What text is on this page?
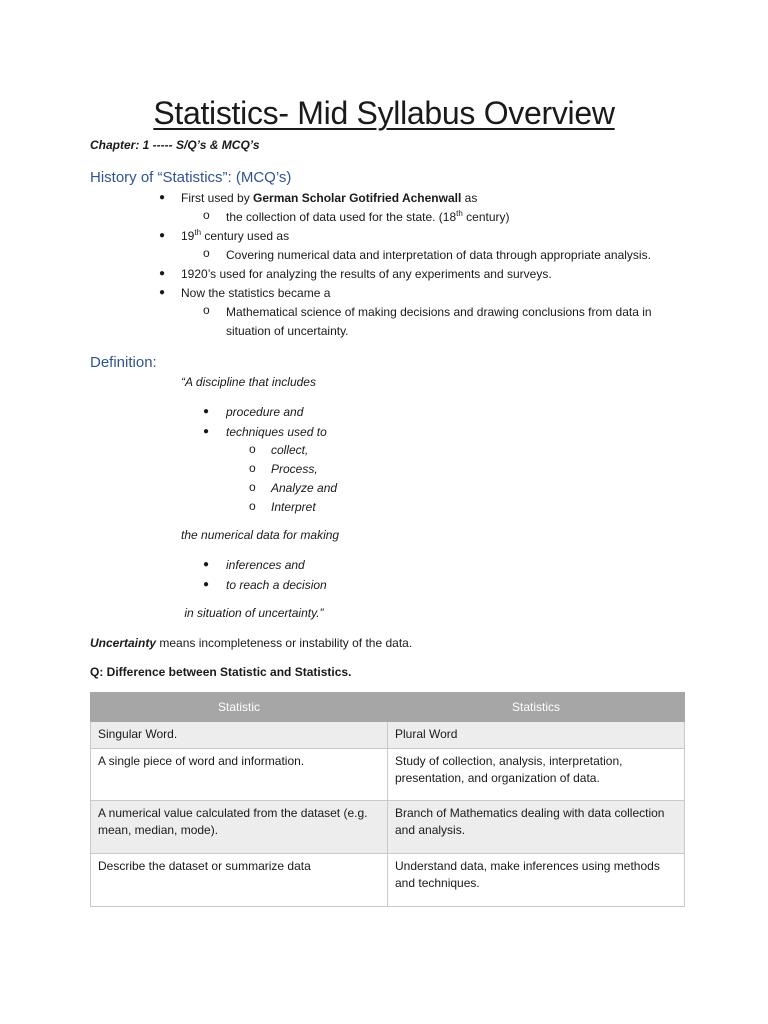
Statistics- Mid Syllabus Overview
Chapter: 1 ----- S/Q’s & MCQ’s
History of “Statistics”: (MCQ’s)
● First used by German Scholar Gotifried Achenwall as
o the collection of data used for the state. (18th century)
● 19th century used as
o Covering numerical data and interpretation of data through appropriate analysis.
● 1920’s used for analyzing the results of any experiments and surveys.
● Now the statistics became a
o Mathematical science of making decisions and drawing conclusions from data in
situation of uncertainty.
Definition:
“A discipline that includes
● procedure and
● techniques used to
o collect,
o Process,
o Analyze and
o Interpret
the numerical data for making
● inferences and
● to reach a decision
in situation of uncertainty.”
Uncertainty means incompleteness or instability of the data.
Q: Difference between Statistic and Statistics.
Statistic	Statistics
Singular Word.	Plural Word
A single piece of word and information.	Study of collection, analysis, interpretation, presentation, and organization of data.
A numerical value calculated from the dataset (e.g. mean, median, mode).	Branch of Mathematics dealing with data collection and analysis.
Describe the dataset or summarize data	Understand data, make inferences using methods and techniques.
